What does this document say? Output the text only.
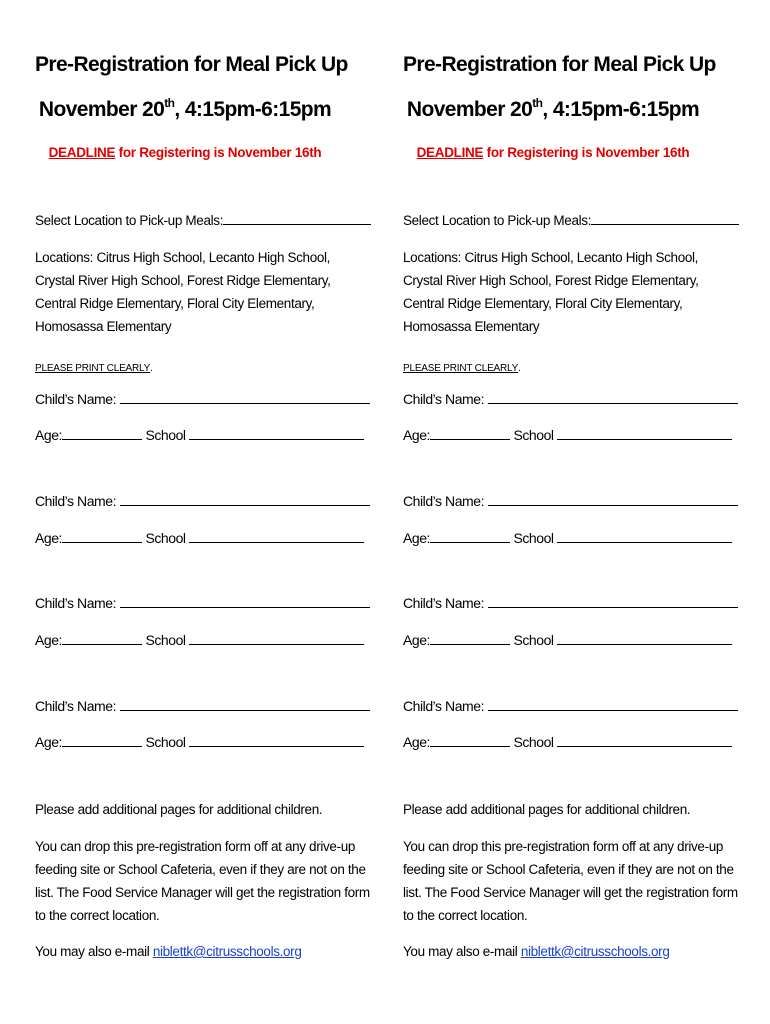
Pre-Registration for Meal Pick Up
November 20th, 4:15pm-6:15pm
DEADLINE for Registering is November 16th
Select Location to Pick-up Meals:
Locations: Citrus High School, Lecanto High School, Crystal River High School, Forest Ridge Elementary, Central Ridge Elementary, Floral City Elementary, Homosassa Elementary
PLEASE PRINT CLEARLY.
Child’s Name:
Age:	School
Child’s Name:
Age:	School
Child’s Name:
Age:	School
Child’s Name:
Age:	School
Please add additional pages for additional children.
You can drop this pre-registration form off at any drive-up feeding site or School Cafeteria, even if they are not on the list. The Food Service Manager will get the registration form to the correct location.
You may also e-mail niblettk@citrusschools.org
Pre-Registration for Meal Pick Up
November 20th, 4:15pm-6:15pm
DEADLINE for Registering is November 16th
Select Location to Pick-up Meals:
Locations: Citrus High School, Lecanto High School, Crystal River High School, Forest Ridge Elementary, Central Ridge Elementary, Floral City Elementary, Homosassa Elementary
PLEASE PRINT CLEARLY.
Child’s Name:
Age:	School
Child’s Name:
Age:	School
Child’s Name:
Age:	School
Child’s Name:
Age:	School
Please add additional pages for additional children.
You can drop this pre-registration form off at any drive-up feeding site or School Cafeteria, even if they are not on the list. The Food Service Manager will get the registration form to the correct location.
You may also e-mail niblettk@citrusschools.org
